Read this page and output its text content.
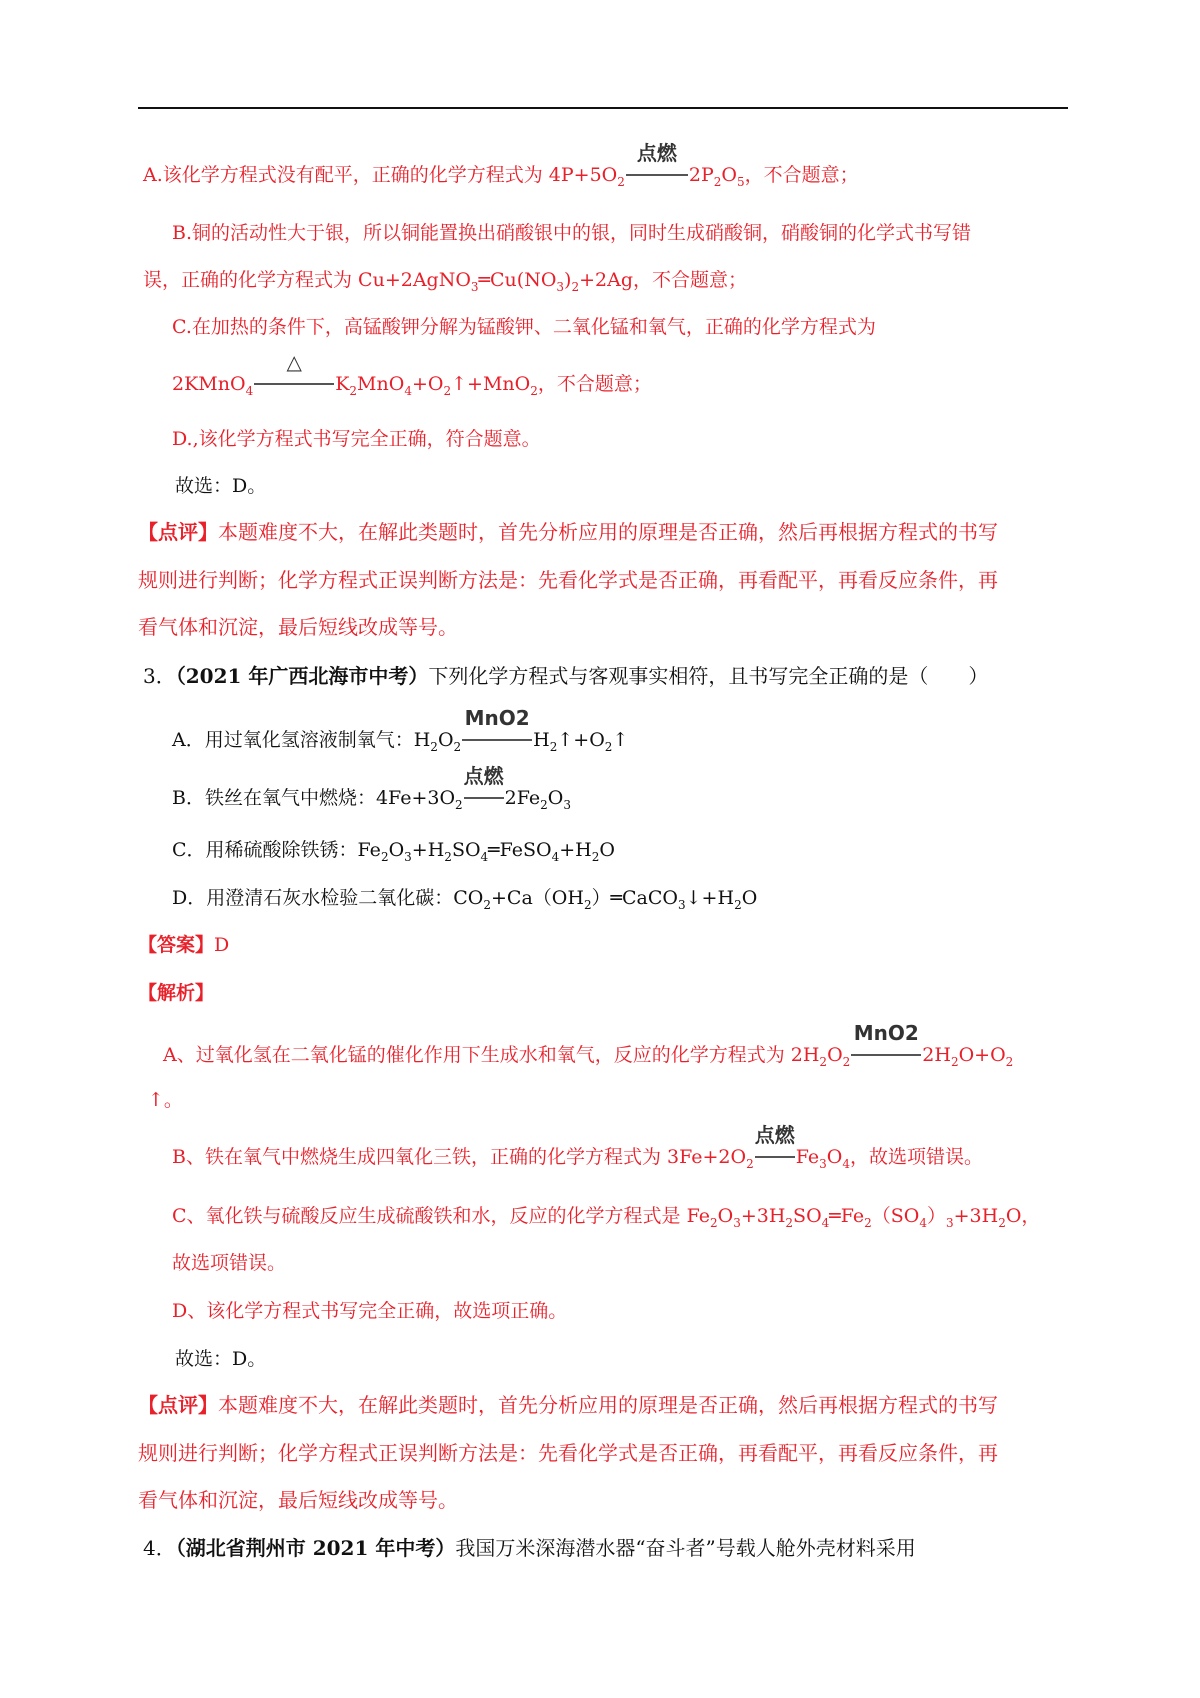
A.该化学方程式没有配平，正确的化学方程式为 $4P+5O_2$
点燃
$2P_2O_5$，不合题意；
B.铜的活动性大于银，所以铜能置换出硝酸银中的银，同时生成硝酸铜，硝酸铜的化学式书写错
误，正确的化学方程式为 $Cu+2AgNO_3═Cu(NO_3)_2+2Ag$，不合题意；
C.在加热的条件下，高锰酸钾分解为锰酸钾、二氧化锰和氧气，正确的化学方程式为
2KMnO$_4$
△
$K_2MnO_4+O_2↑+MnO_2$，不合题意；
D.,该化学方程式书写完全正确，符合题意。
故选：D。
【点评】本题难度不大，在解此类题时，首先分析应用的原理是否正确，然后再根据方程式的书写
规则进行判断；化学方程式正误判断方法是：先看化学式是否正确，再看配平，再看反应条件，再
看气体和沉淀，最后短线改成等号。
3．（2021 年广西北海市中考）下列化学方程式与客观事实相符，且书写完全正确的是（　　）
A．用过氧化氢溶液制氧气：$H_2O_2$
MnO2
$H_2↑+O_2↑$
B．铁丝在氧气中燃烧：$4Fe+3O_2$
点燃
$2Fe_2O_3$
C．用稀硫酸除铁锈：$Fe_2O_3+H_2SO_4═FeSO_4+H_2O$
D．用澄清石灰水检验二氧化碳：$CO_2+Ca(OH_2)═CaCO_3↓+H_2O$
【答案】D
【解析】
A、过氧化氢在二氧化锰的催化作用下生成水和氧气，反应的化学方程式为 $2H_2O_2$
MnO2
$2H_2O+O_2$
↑。
B、铁在氧气中燃烧生成四氧化三铁，正确的化学方程式为 $3Fe+2O_2$
点燃
$Fe_3O_4$，故选项错误。
C、氧化铁与硫酸反应生成硫酸铁和水，反应的化学方程式是 $Fe_2O_3+3H_2SO_4═Fe_2(SO_4)_3+3H_2O$，
故选项错误。
D、该化学方程式书写完全正确，故选项正确。
故选：D。
【点评】本题难度不大，在解此类题时，首先分析应用的原理是否正确，然后再根据方程式的书写
规则进行判断；化学方程式正误判断方法是：先看化学式是否正确，再看配平，再看反应条件，再
看气体和沉淀，最后短线改成等号。
4．（湖北省荆州市 2021 年中考）我国万米深海潜水器“奋斗者”号载人舱外壳材料采用
